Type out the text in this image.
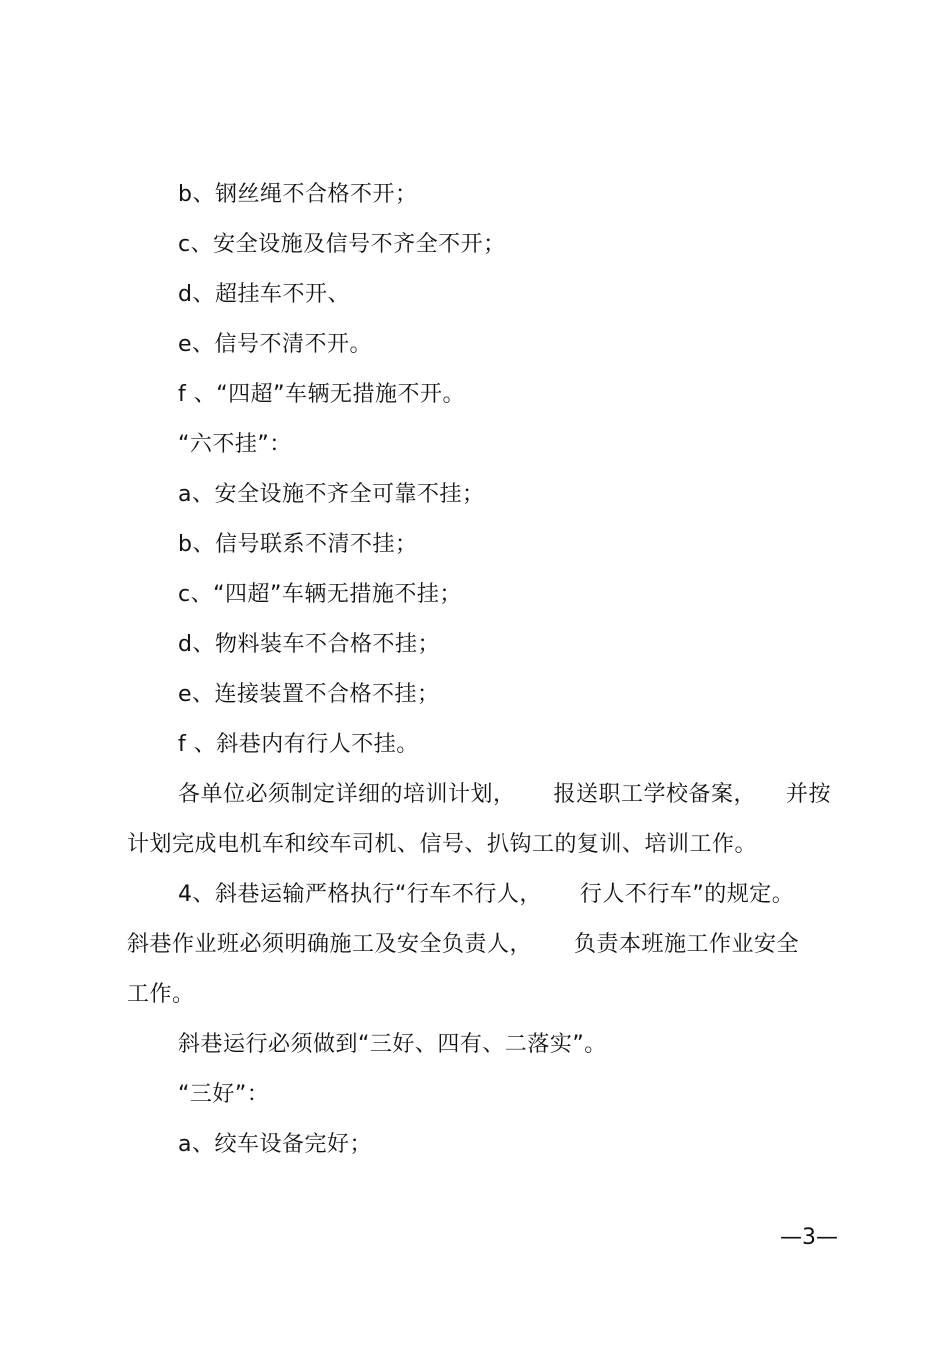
b、钢丝绳不合格不开；
c、安全设施及信号不齐全不开；
d、超挂车不开、
e、信号不清不开。
f 、“四超”车辆无措施不开。
“六不挂”：
a、安全设施不齐全可靠不挂；
b、信号联系不清不挂；
c、“四超”车辆无措施不挂；
d、物料装车不合格不挂；
e、连接装置不合格不挂；
f 、斜巷内有行人不挂。
各单位必须制定详细的培训计划， 报送职工学校备案， 并按
计划完成电机车和绞车司机、信号、扒钩工的复训、培训工作。
4、斜巷运输严格执行“行车不行人， 行人不行车”的规定。
斜巷作业班必须明确施工及安全负责人， 负责本班施工作业安全
工作。
斜巷运行必须做到“三好、四有、二落实”。
“三好”：
a、绞车设备完好；
—3—
